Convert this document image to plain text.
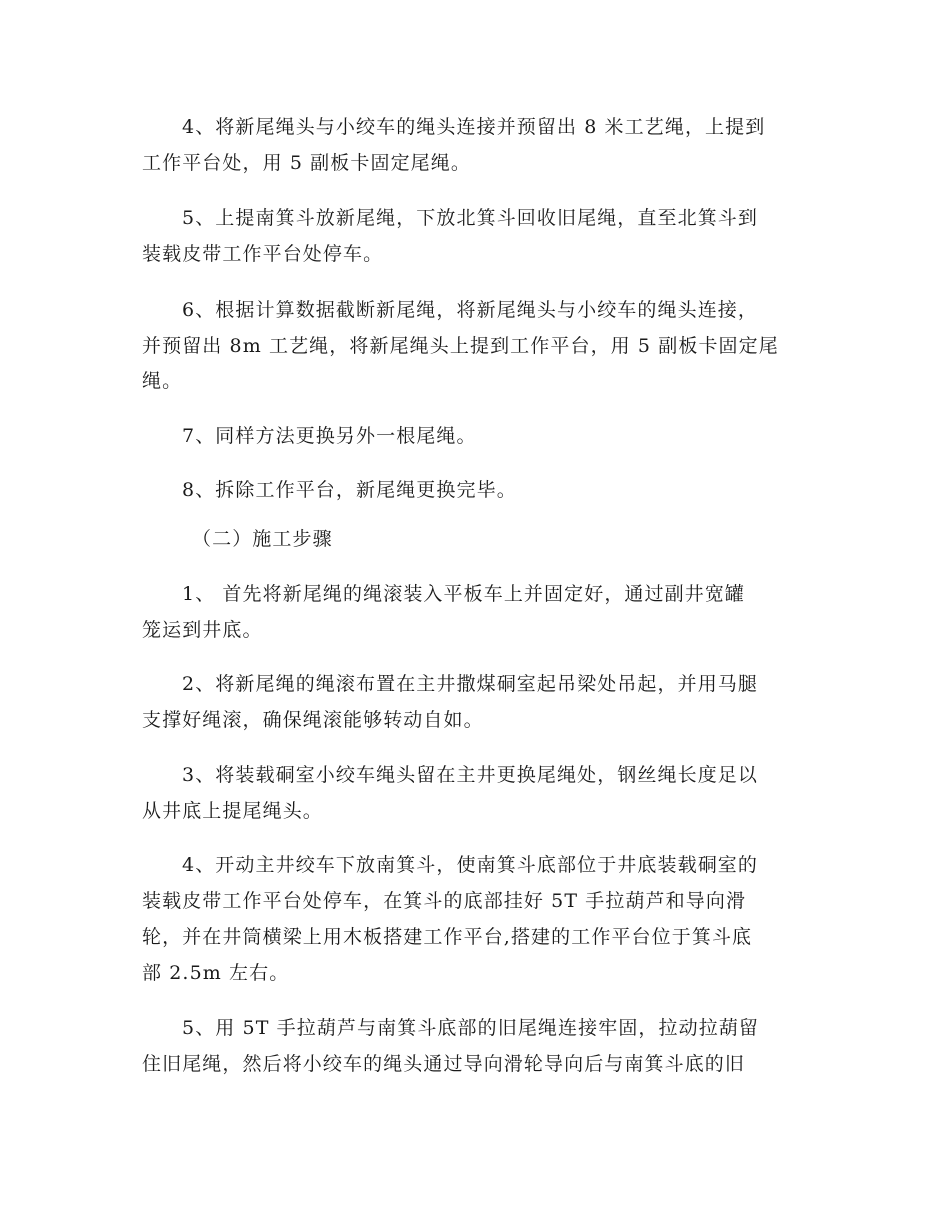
4、将新尾绳头与小绞车的绳头连接并预留出 8 米工艺绳，上提到
工作平台处，用 5 副板卡固定尾绳。
5、上提南箕斗放新尾绳，下放北箕斗回收旧尾绳，直至北箕斗到
装载皮带工作平台处停车。
6、根据计算数据截断新尾绳，将新尾绳头与小绞车的绳头连接，
并预留出 8m 工艺绳，将新尾绳头上提到工作平台，用 5 副板卡固定尾
绳。
7、同样方法更换另外一根尾绳。
8、拆除工作平台，新尾绳更换完毕。
（二）施工步骤
1、 首先将新尾绳的绳滚装入平板车上并固定好，通过副井宽罐
笼运到井底。
2、将新尾绳的绳滚布置在主井撒煤硐室起吊梁处吊起，并用马腿
支撑好绳滚，确保绳滚能够转动自如。
3、将装载硐室小绞车绳头留在主井更换尾绳处，钢丝绳长度足以
从井底上提尾绳头。
4、开动主井绞车下放南箕斗，使南箕斗底部位于井底装载硐室的
装载皮带工作平台处停车，在箕斗的底部挂好 5T 手拉葫芦和导向滑
轮，并在井筒横梁上用木板搭建工作平台,搭建的工作平台位于箕斗底
部 2.5m 左右。
5、用 5T 手拉葫芦与南箕斗底部的旧尾绳连接牢固，拉动拉葫留
住旧尾绳，然后将小绞车的绳头通过导向滑轮导向后与南箕斗底的旧
